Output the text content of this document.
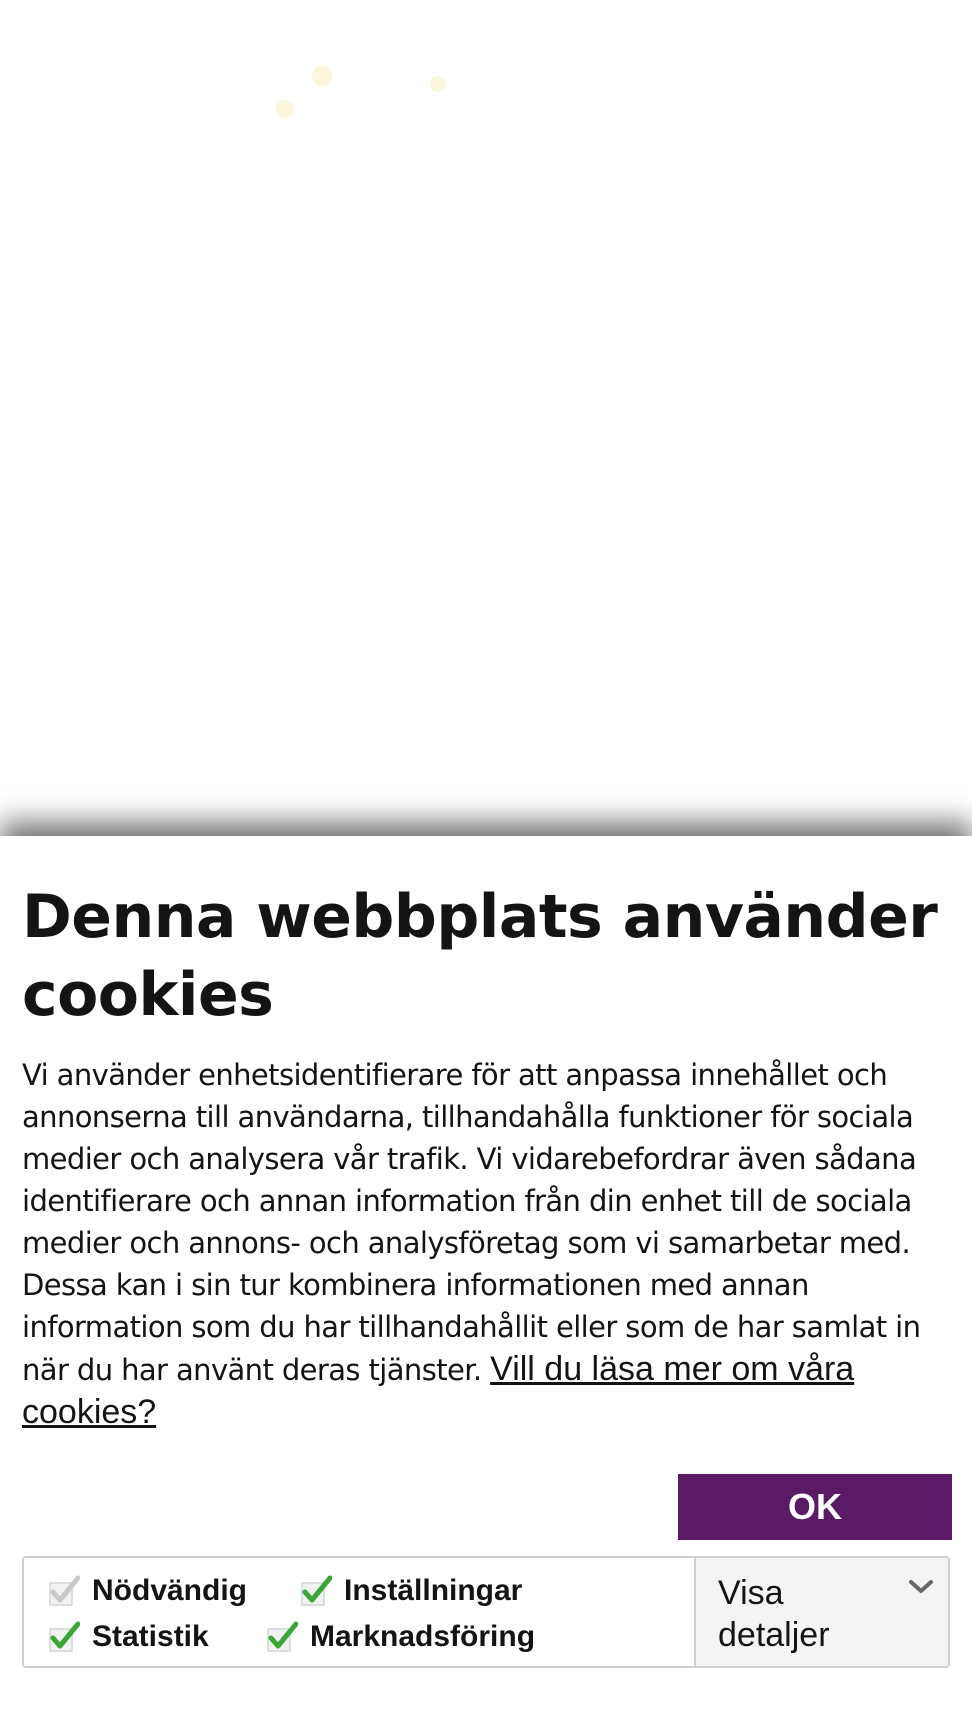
Denna webbplats använder cookies

Vi använder enhetsidentifierare för att anpassa innehållet och annonserna till användarna, tillhandahålla funktioner för sociala medier och analysera vår trafik. Vi vidarebefordrar även sådana identifierare och annan information från din enhet till de sociala medier och annons- och analysföretag som vi samarbetar med. Dessa kan i sin tur kombinera informationen med annan information som du har tillhandahållit eller som de har samlat in när du har använt deras tjänster. Vill du läsa mer om våra cookies?

OK
Nödvändig	Inställningar
Statistik	Marknadsföring
Visa detaljer
